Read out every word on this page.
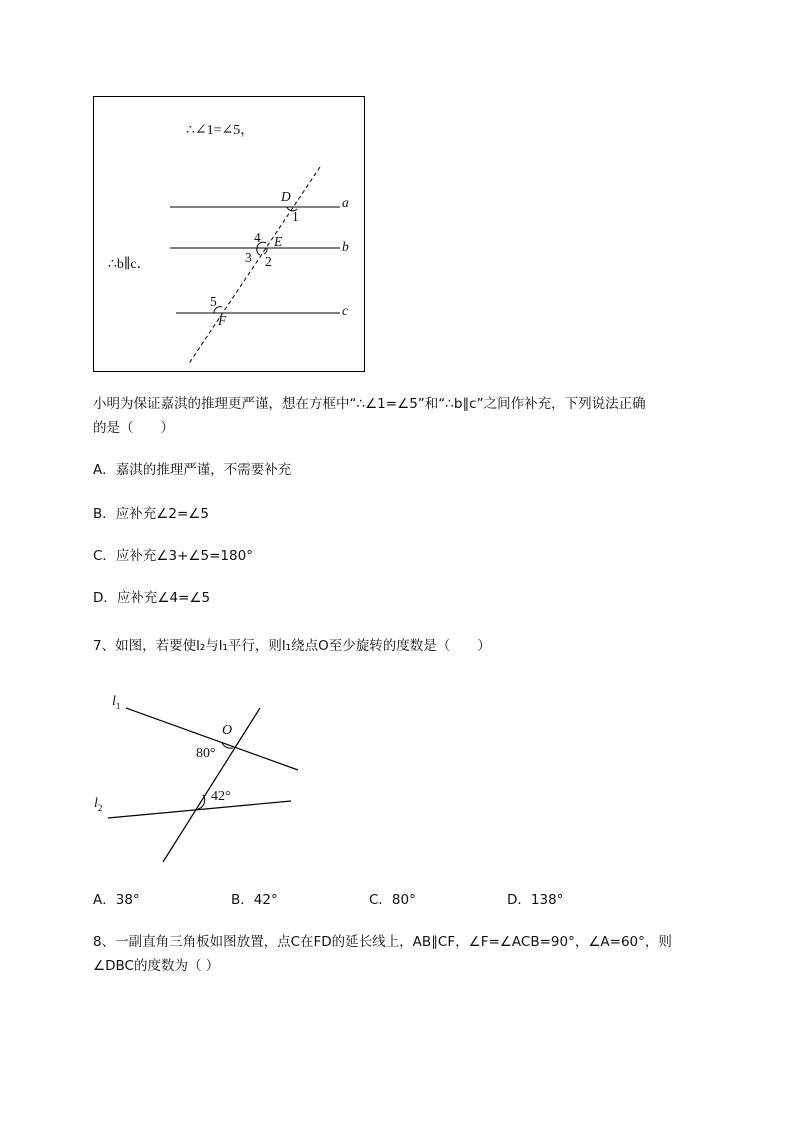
∴∠1=∠5，
∴b∥c．
D
1
a
4 E	b
3 2
5
F
c
小明为保证嘉淇的推理更严谨，想在方框中“∴∠1=∠5”和“∴b∥c”之间作补充，下列说法正确
的是（　　）
A．嘉淇的推理严谨，不需要补充
B．应补充∠2=∠5
C．应补充∠3+∠5=180°
D．应补充∠4=∠5
7、如图，若要使l₂与l₁平行，则l₁绕点O至少旋转的度数是（　　）
$l_1$
O
80°
42°
$l_2$
A．38°	B．42°	C．80°	D．138°
8、一副直角三角板如图放置，点C在FD的延长线上，AB∥CF，∠F=∠ACB=90°，∠A=60°，则
∠DBC的度数为（ ）
